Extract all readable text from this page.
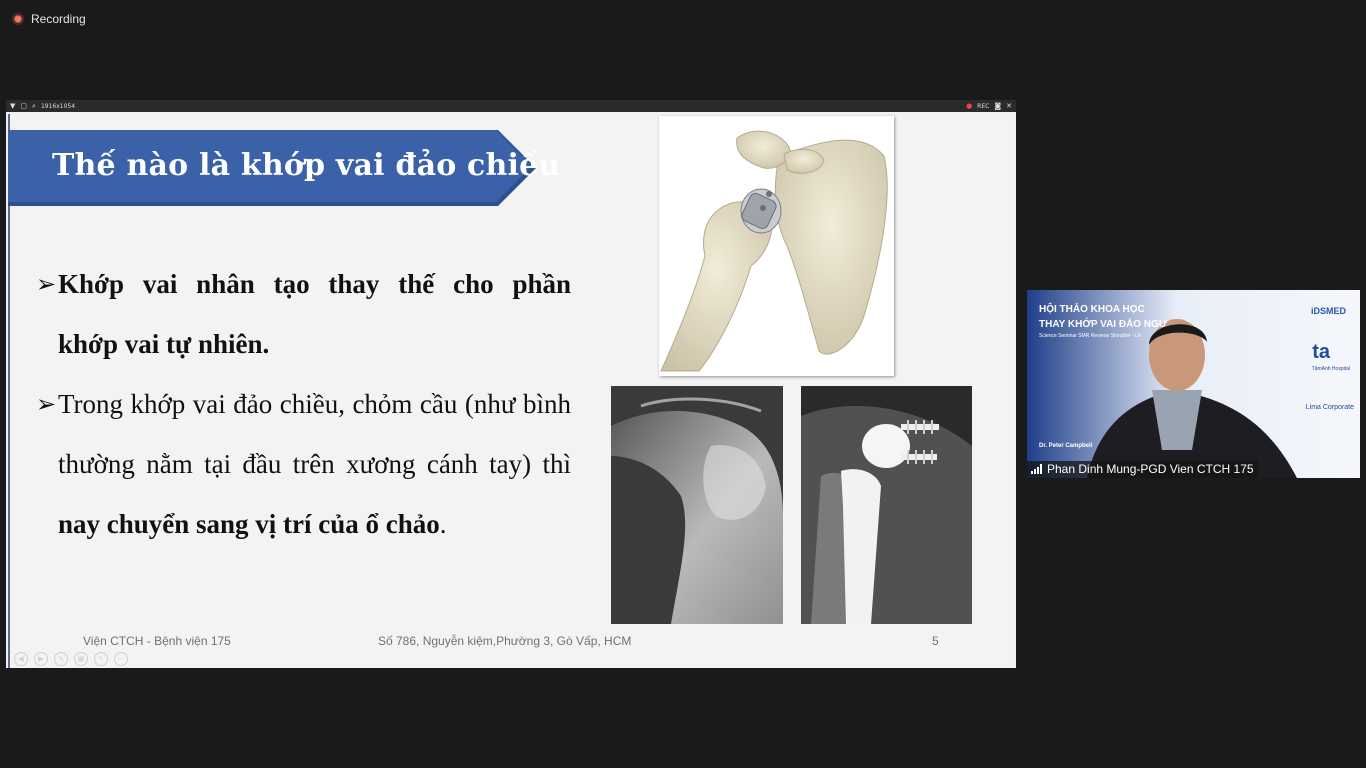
Recording
▼ ▢ ⌕ 1916x1054	● REC ◙ ✕
Thế nào là khớp vai đảo chiều
➢ Khớp vai nhân tạo thay thế cho phần
khớp vai tự nhiên.
➢ Trong khớp vai đảo chiều, chỏm cầu (như bình thường nằm tại đầu trên xương cánh tay) thì nay chuyển sang vị trí của ổ chảo.
Viện CTCH - Bệnh viện 175	Số 786, Nguyễn kiệm,Phường 3, Gò Vấp, HCM	5
◀	▶	✎	▦	⌕	⋯
HỘI THẢO KHOA HỌC
THAY KHỚP VAI ĐẢO NGƯ
Science Seminar SMR Reverse Shoulder - Liv
iDSMED
ta
TâmAnh Hospital
Lima Corporate
Dr. Peter Campbell
Phan Dinh Mung-PGD Vien CTCH 175
